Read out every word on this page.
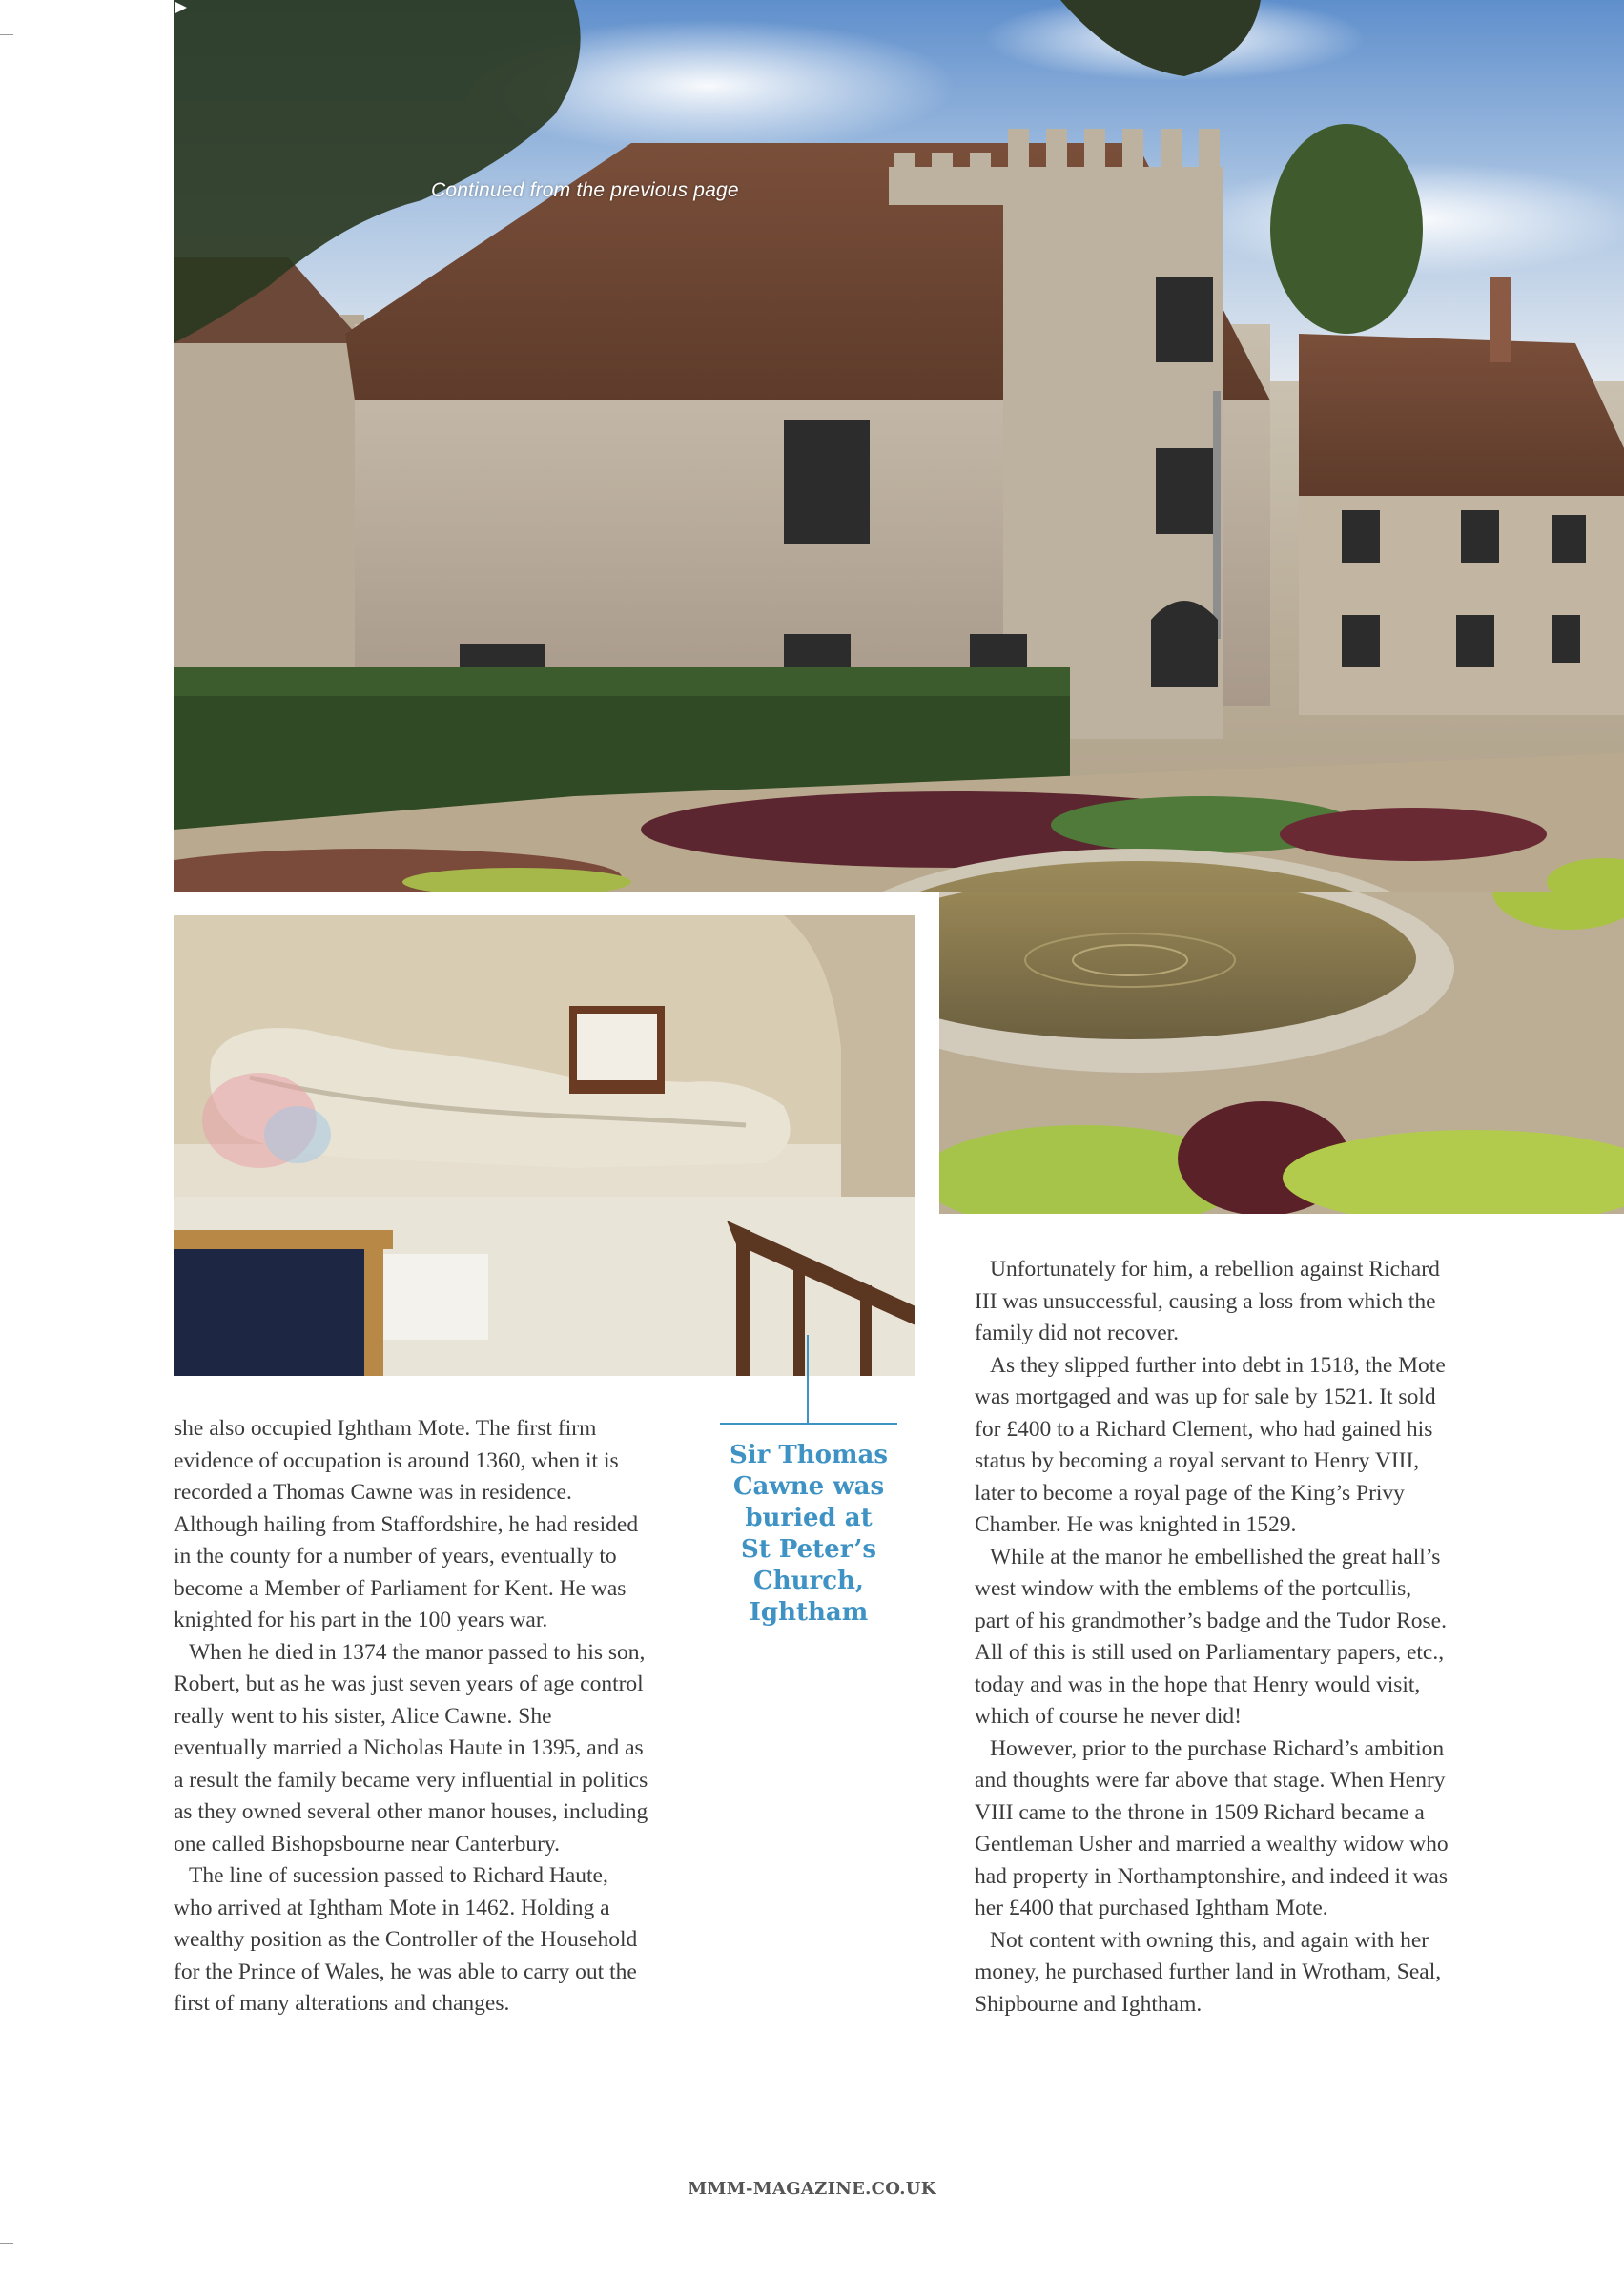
Continued from the previous page
Sir Thomas
Cawne was
buried at
St Peter’s
Church,
Ightham

she also occupied Ightham Mote. The first firm evidence of occupation is around 1360, when it is recorded a Thomas Cawne was in residence. Although hailing from Staffordshire, he had resided in the county for a number of years, eventually to become a Member of Parliament for Kent. He was knighted for his part in the 100 years war.

When he died in 1374 the manor passed to his son, Robert, but as he was just seven years of age control really went to his sister, Alice Cawne. She eventually married a Nicholas Haute in 1395, and as a result the family became very influential in politics as they owned several other manor houses, including one called Bishopsbourne near Canterbury.

The line of sucession passed to Richard Haute, who arrived at Ightham Mote in 1462. Holding a wealthy position as the Controller of the Household for the Prince of Wales, he was able to carry out the first of many alterations and changes.

Unfortunately for him, a rebellion against Richard III was unsuccessful, causing a loss from which the family did not recover.

As they slipped further into debt in 1518, the Mote was mortgaged and was up for sale by 1521. It sold for £400 to a Richard Clement, who had gained his status by becoming a royal servant to Henry VIII, later to become a royal page of the King’s Privy Chamber. He was knighted in 1529.

While at the manor he embellished the great hall’s west window with the emblems of the portcullis, part of his grandmother’s badge and the Tudor Rose. All of this is still used on Parliamentary papers, etc., today and was in the hope that Henry would visit, which of course he never did!

However, prior to the purchase Richard’s ambition and thoughts were far above that stage. When Henry VIII came to the throne in 1509 Richard became a Gentleman Usher and married a wealthy widow who had property in Northamptonshire, and indeed it was her £400 that purchased Ightham Mote.

Not content with owning this, and again with her money, he purchased further land in Wrotham, Seal, Shipbourne and Ightham.

MMM-MAGAZINE.CO.UK
